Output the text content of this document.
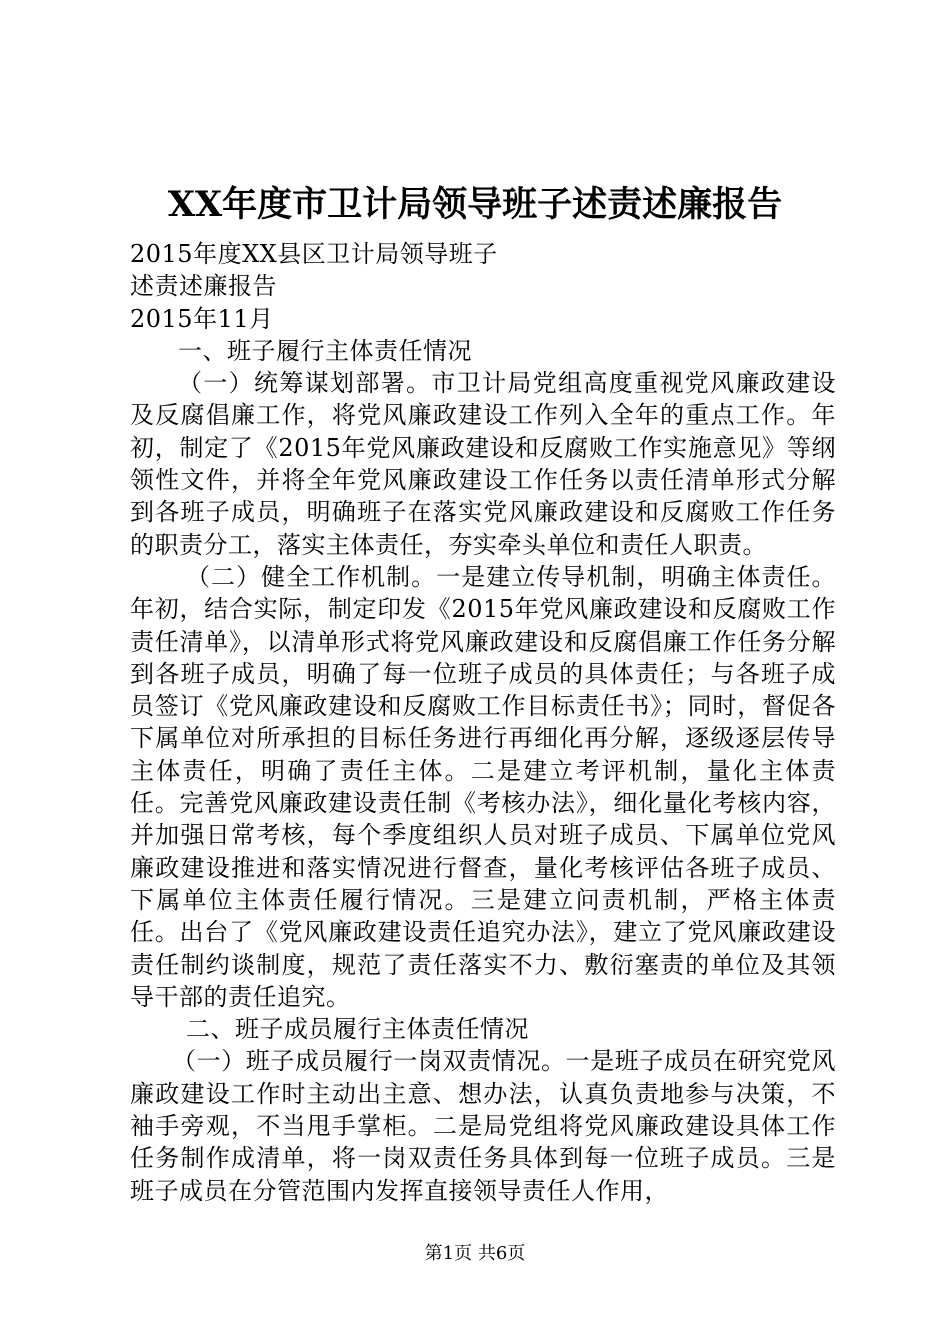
XX年度市卫计局领导班子述责述廉报告

2015年度XX县区卫计局领导班子

述责述廉报告

2015年11月

一、班子履行主体责任情况

（一）统筹谋划部署。市卫计局党组高度重视党风廉政建设及反腐倡廉工作，将党风廉政建设工作列入全年的重点工作。年初，制定了《2015年党风廉政建设和反腐败工作实施意见》等纲领性文件，并将全年党风廉政建设工作任务以责任清单形式分解到各班子成员，明确班子在落实党风廉政建设和反腐败工作任务的职责分工，落实主体责任，夯实牵头单位和责任人职责。

（二）健全工作机制。一是建立传导机制，明确主体责任。年初，结合实际，制定印发《2015年党风廉政建设和反腐败工作责任清单》，以清单形式将党风廉政建设和反腐倡廉工作任务分解到各班子成员，明确了每一位班子成员的具体责任；与各班子成员签订《党风廉政建设和反腐败工作目标责任书》；同时，督促各下属单位对所承担的目标任务进行再细化再分解，逐级逐层传导主体责任，明确了责任主体。二是建立考评机制，量化主体责任。完善党风廉政建设责任制《考核办法》，细化量化考核内容，并加强日常考核，每个季度组织人员对班子成员、下属单位党风廉政建设推进和落实情况进行督查，量化考核评估各班子成员、下属单位主体责任履行情况。三是建立问责机制，严格主体责任。出台了《党风廉政建设责任追究办法》，建立了党风廉政建设责任制约谈制度，规范了责任落实不力、敷衍塞责的单位及其领导干部的责任追究。

二、班子成员履行主体责任情况

（一）班子成员履行一岗双责情况。一是班子成员在研究党风廉政建设工作时主动出主意、想办法，认真负责地参与决策，不袖手旁观，不当甩手掌柜。二是局党组将党风廉政建设具体工作任务制作成清单，将一岗双责任务具体到每一位班子成员。三是班子成员在分管范围内发挥直接领导责任人作用，

第1页 共6页
